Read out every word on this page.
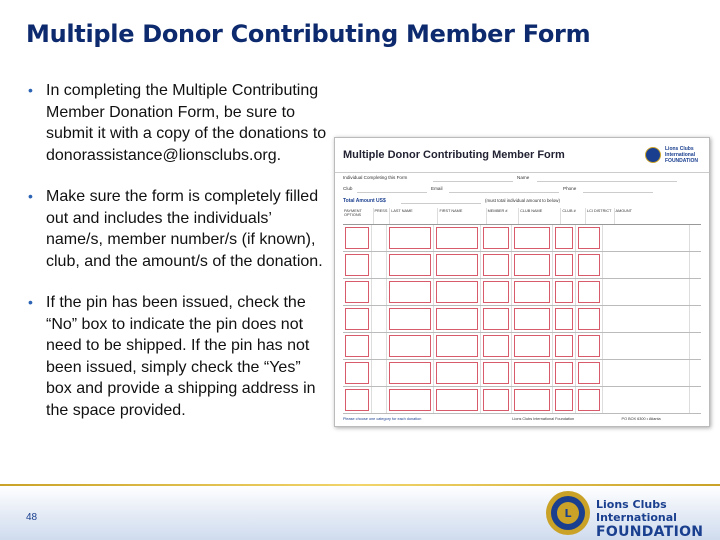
Multiple Donor Contributing Member Form
• In completing the Multiple Contributing Member Donation Form, be sure to submit it with a copy of the donations to donorassistance@lionsclubs.org.
• Make sure the form is completely filled out and includes the individuals’ name/s, member number/s (if known), club, and the amount/s of the donation.
• If the pin has been issued, check the “No” box to indicate the pin does not need to be shipped. If the pin has not been issued, simply check the “Yes” box and provide a shipping address in the space provided.
Multiple Donor Contributing Member Form	Lions Clubs International FOUNDATION
Individual Completing this Form	Name
Club	Email	Phone
Total Amount US$	(must total individual amount to below)
PAYMENT OPTIONS
PRESS	LAST NAME	FIRST NAME	MEMBER #	CLUB NAME	CLUB #	LCI DISTRICT	AMOUNT
Please choose one category for each donation	Lions Clubs International Foundation	PO BOX 6300 • Atlanta
48	L
Lions Clubs International
FOUNDATION
